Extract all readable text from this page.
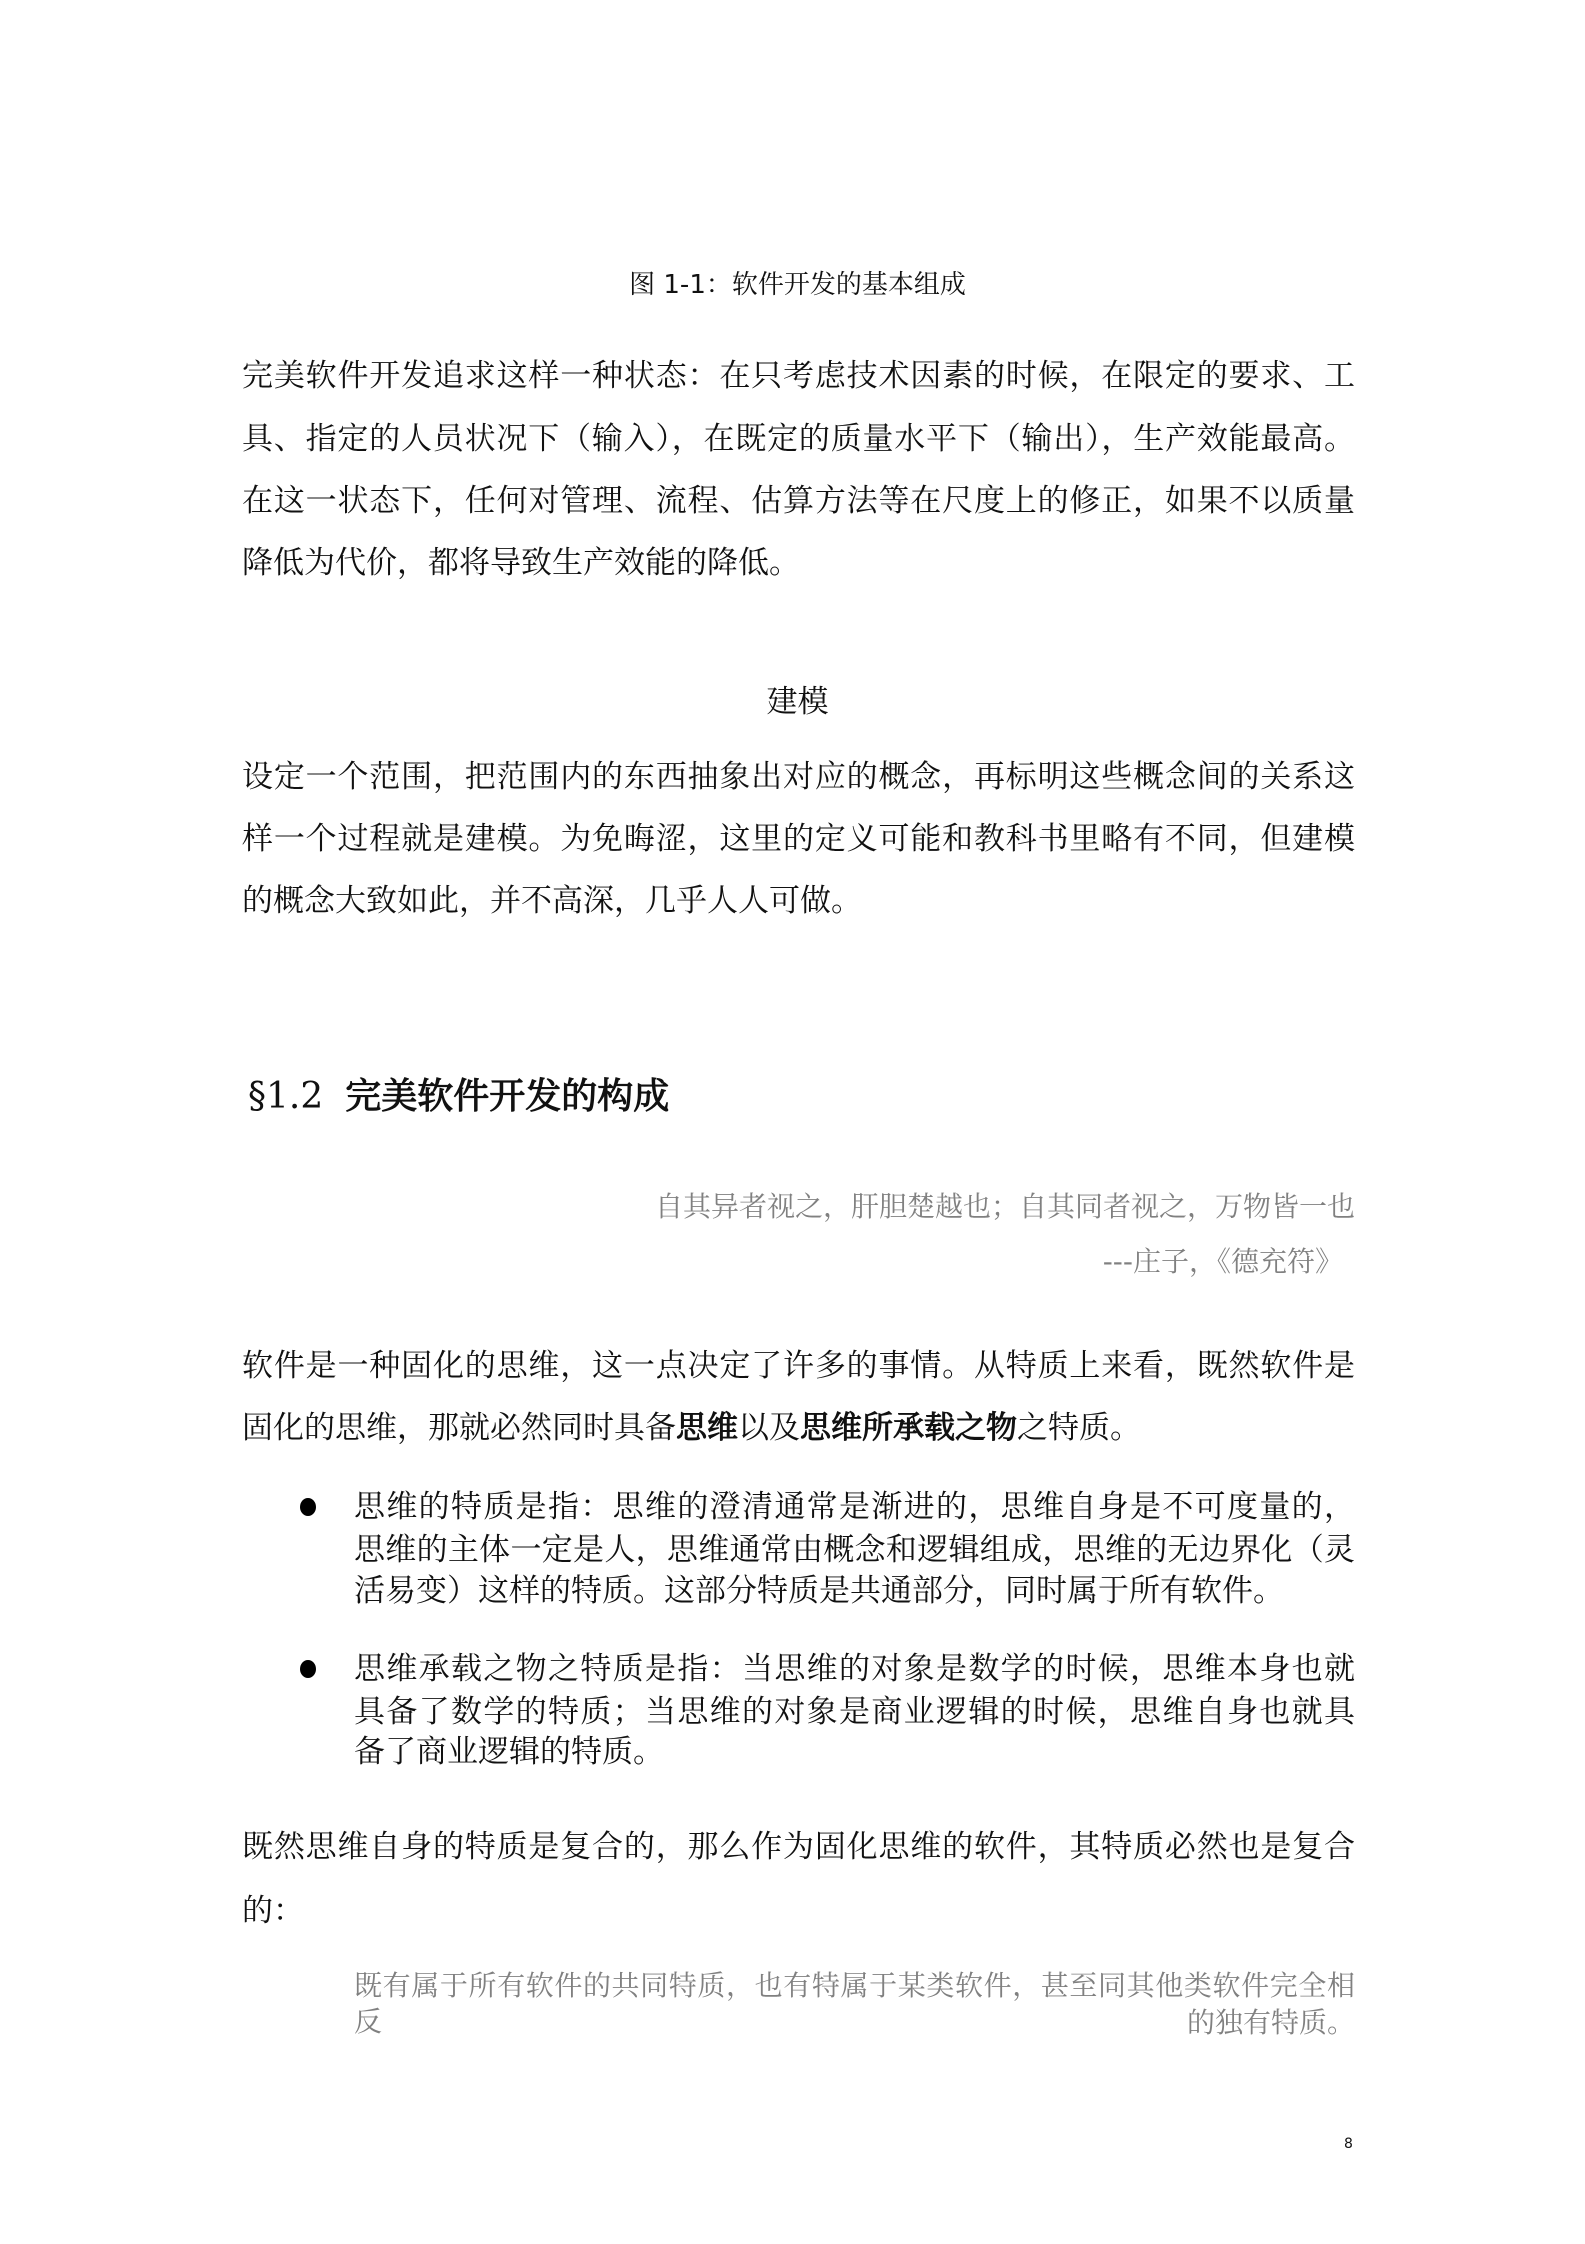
图 1-1：软件开发的基本组成
完美软件开发追求这样一种状态：在只考虑技术因素的时候，在限定的要求、工
具、指定的人员状况下（输入），在既定的质量水平下（输出），生产效能最高。
在这一状态下，任何对管理、流程、估算方法等在尺度上的修正，如果不以质量
降低为代价，都将导致生产效能的降低。
建模
设定一个范围，把范围内的东西抽象出对应的概念，再标明这些概念间的关系这
样一个过程就是建模。为免晦涩，这里的定义可能和教科书里略有不同，但建模
的概念大致如此，并不高深，几乎人人可做。
§1.2 完美软件开发的构成
自其异者视之，肝胆楚越也；自其同者视之，万物皆一也
---庄子，《德充符》
软件是一种固化的思维，这一点决定了许多的事情。从特质上来看，既然软件是
固化的思维，那就必然同时具备思维以及思维所承载之物之特质。
思维的特质是指：思维的澄清通常是渐进的，思维自身是不可度量的，
思维的主体一定是人，思维通常由概念和逻辑组成，思维的无边界化（灵
活易变）这样的特质。这部分特质是共通部分，同时属于所有软件。
思维承载之物之特质是指：当思维的对象是数学的时候，思维本身也就
具备了数学的特质；当思维的对象是商业逻辑的时候，思维自身也就具
备了商业逻辑的特质。
既然思维自身的特质是复合的，那么作为固化思维的软件，其特质必然也是复合
的：
既有属于所有软件的共同特质，也有特属于某类软件，甚至同其他类软件完全相反	的独有特质。
8
